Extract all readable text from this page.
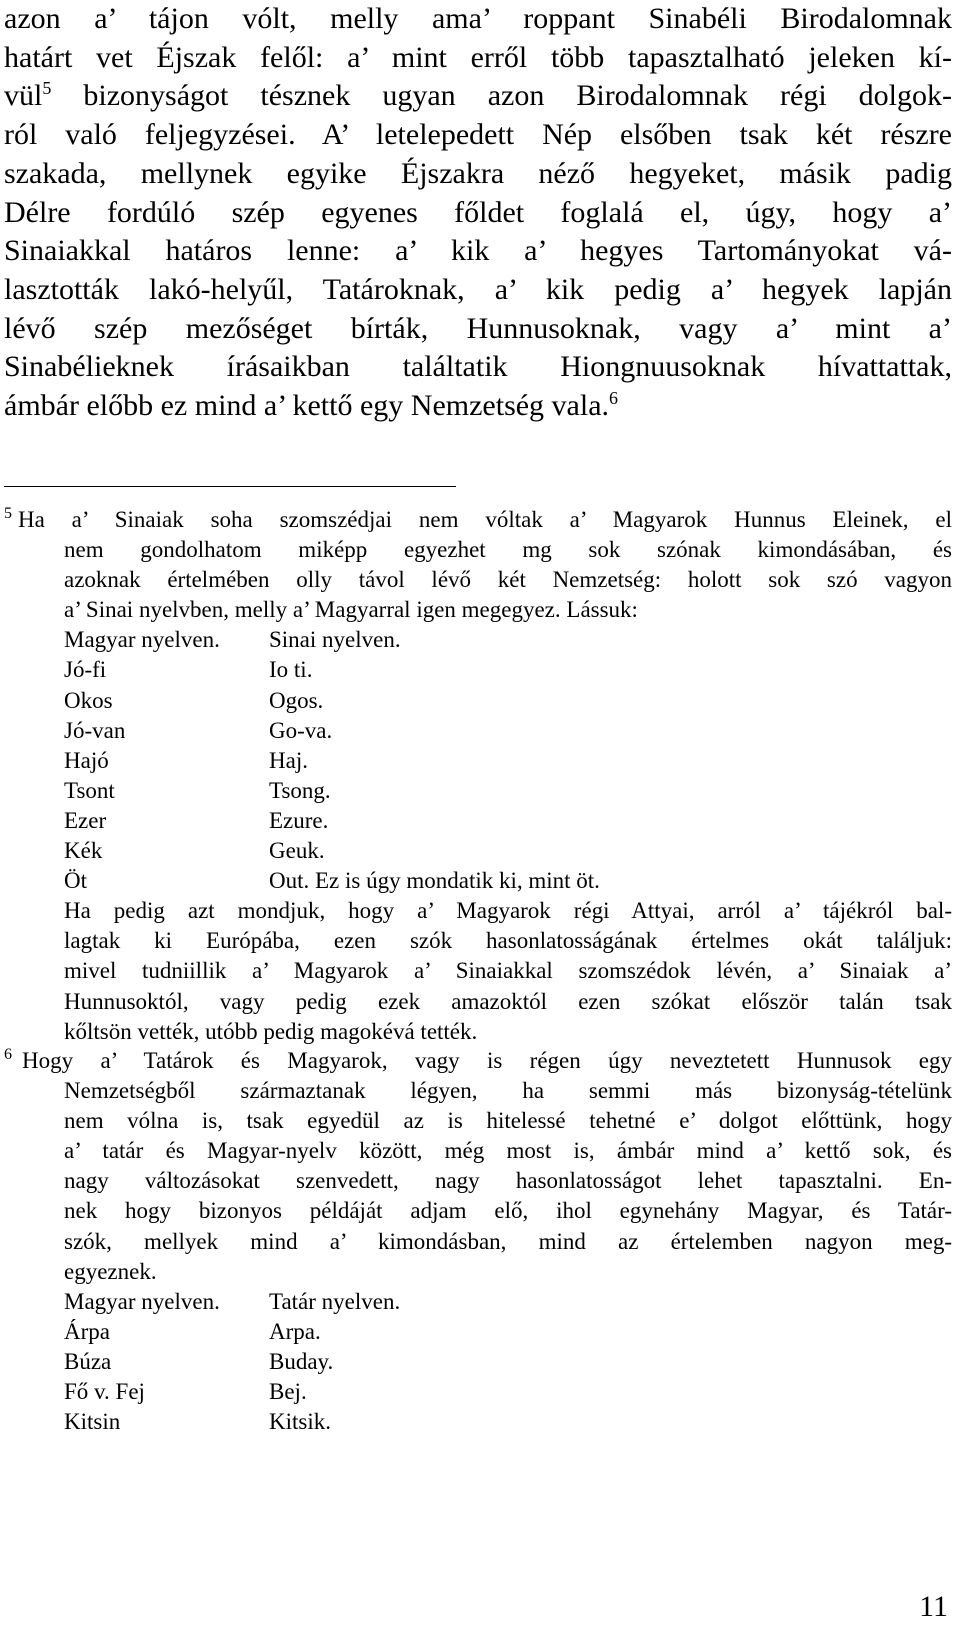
azon a’ tájon vólt, melly ama’ roppant Sinabéli Birodalomnak
határt vet Éjszak felől: a’ mint erről több tapasztalható jeleken kí-
vül$^5$ bizonyságot tésznek ugyan azon Birodalomnak régi dolgok-
ról való feljegyzései. A’ letelepedett Nép elsőben tsak két részre
szakada, mellynek egyike Éjszakra néző hegyeket, másik padig
Délre fordúló szép egyenes főldet foglalá el, úgy, hogy a’
Sinaiakkal határos lenne: a’ kik a’ hegyes Tartományokat vá-
lasztották lakó-helyűl, Tatároknak, a’ kik pedig a’ hegyek lapján
lévő szép mezőséget bírták, Hunnusoknak, vagy a’ mint a’
Sinabélieknek írásaikban találtatik Hiongnuusoknak hívattattak,
ámbár előbb ez mind a’ kettő egy Nemzetség vala.$^6$
5 Ha a’ Sinaiak soha szomszédjai nem vóltak a’ Magyarok Hunnus Eleinek, el
nem gondolhatom miképp egyezhet mg sok szónak kimondásában, és
azoknak értelmében olly távol lévő két Nemzetség: holott sok szó vagyon
a’ Sinai nyelvben, melly a’ Magyarral igen megegyez. Lássuk:
Magyar nyelven.	Sinai nyelven.
Jó-fi	Io ti.
Okos	Ogos.
Jó-van	Go-va.
Hajó	Haj.
Tsont	Tsong.
Ezer	Ezure.
Kék	Geuk.
Öt	Out. Ez is úgy mondatik ki, mint öt.
Ha pedig azt mondjuk, hogy a’ Magyarok régi Attyai, arról a’ tájékról bal-
lagtak ki Európába, ezen szók hasonlatosságának értelmes okát találjuk:
mivel tudniillik a’ Magyarok a’ Sinaiakkal szomszédok lévén, a’ Sinaiak a’
Hunnusoktól, vagy pedig ezek amazoktól ezen szókat először talán tsak
kőltsön vették, utóbb pedig magokévá tették.
6 Hogy a’ Tatárok és Magyarok, vagy is régen úgy neveztetett Hunnusok egy
Nemzetségből származtanak légyen, ha semmi más bizonyság-tételünk
nem vólna is, tsak egyedül az is hitelessé tehetné e’ dolgot előttünk, hogy
a’ tatár és Magyar-nyelv között, még most is, ámbár mind a’ kettő sok, és
nagy változásokat szenvedett, nagy hasonlatosságot lehet tapasztalni. En-
nek hogy bizonyos példáját adjam elő, ihol egynehány Magyar, és Tatár-
szók, mellyek mind a’ kimondásban, mind az értelemben nagyon meg-
egyeznek.
Magyar nyelven.	Tatár nyelven.
Árpa	Arpa.
Búza	Buday.
Fő v. Fej	Bej.
Kitsin	Kitsik.
11
